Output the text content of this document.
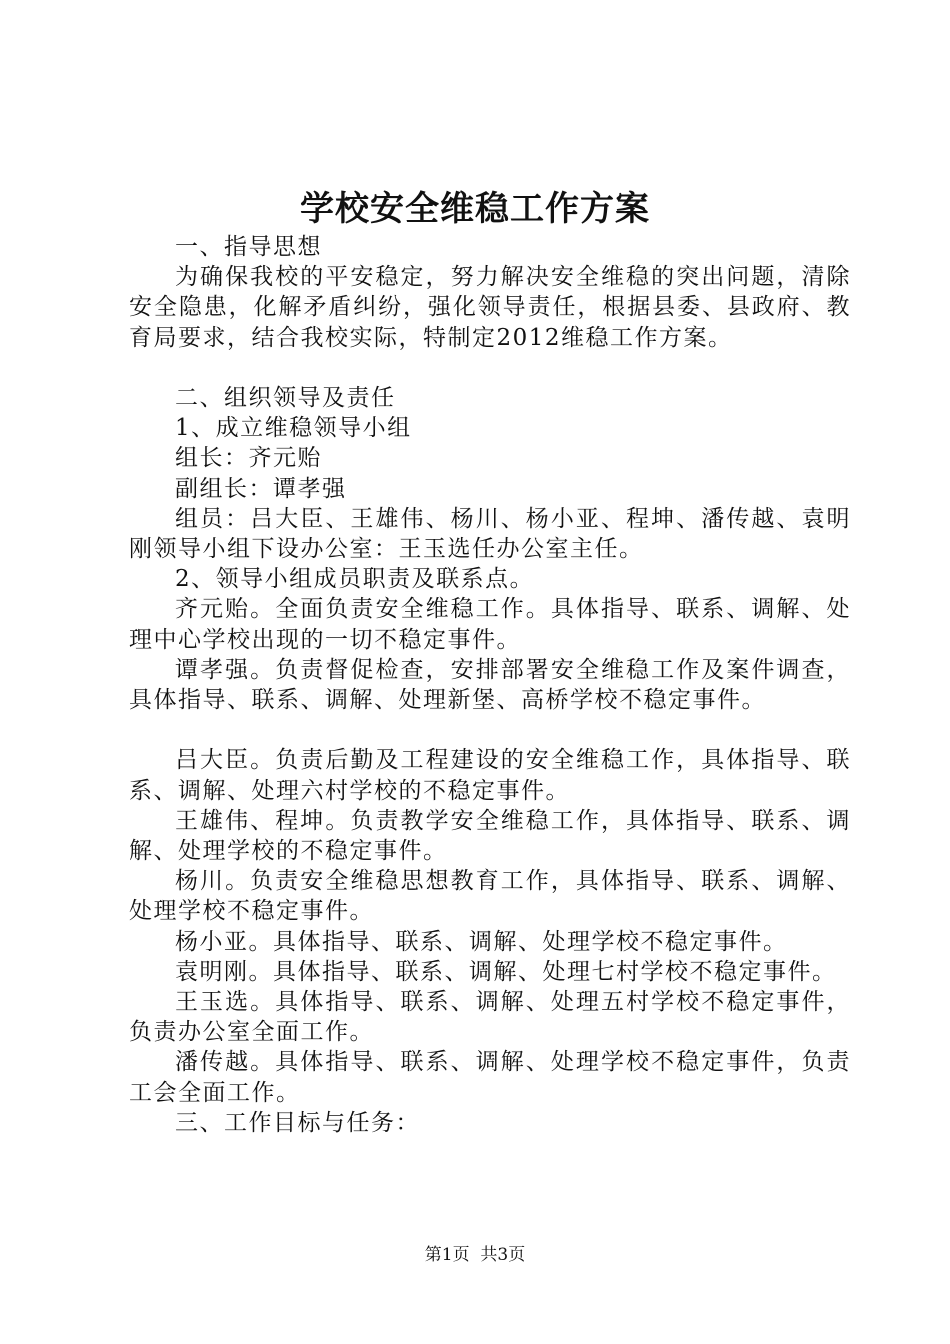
学校安全维稳工作方案

一、指导思想

为确保我校的平安稳定，努力解决安全维稳的突出问题，清除安全隐患，化解矛盾纠纷，强化领导责任，根据县委、县政府、教育局要求，结合我校实际，特制定2012维稳工作方案。

二、组织领导及责任

1、成立维稳领导小组

组长：齐元贻

副组长：谭孝强

组员：吕大臣、王雄伟、杨川、杨小亚、程坤、潘传越、袁明刚领导小组下设办公室：王玉选任办公室主任。

2、领导小组成员职责及联系点。

齐元贻。全面负责安全维稳工作。具体指导、联系、调解、处理中心学校出现的一切不稳定事件。

谭孝强。负责督促检查，安排部署安全维稳工作及案件调查，具体指导、联系、调解、处理新堡、高桥学校不稳定事件。

吕大臣。负责后勤及工程建设的安全维稳工作，具体指导、联系、调解、处理六村学校的不稳定事件。

王雄伟、程坤。负责教学安全维稳工作，具体指导、联系、调解、处理学校的不稳定事件。

杨川。负责安全维稳思想教育工作，具体指导、联系、调解、处理学校不稳定事件。

杨小亚。具体指导、联系、调解、处理学校不稳定事件。

袁明刚。具体指导、联系、调解、处理七村学校不稳定事件。

王玉选。具体指导、联系、调解、处理五村学校不稳定事件，负责办公室全面工作。

潘传越。具体指导、联系、调解、处理学校不稳定事件，负责工会全面工作。

三、工作目标与任务：

第1页 共3页
